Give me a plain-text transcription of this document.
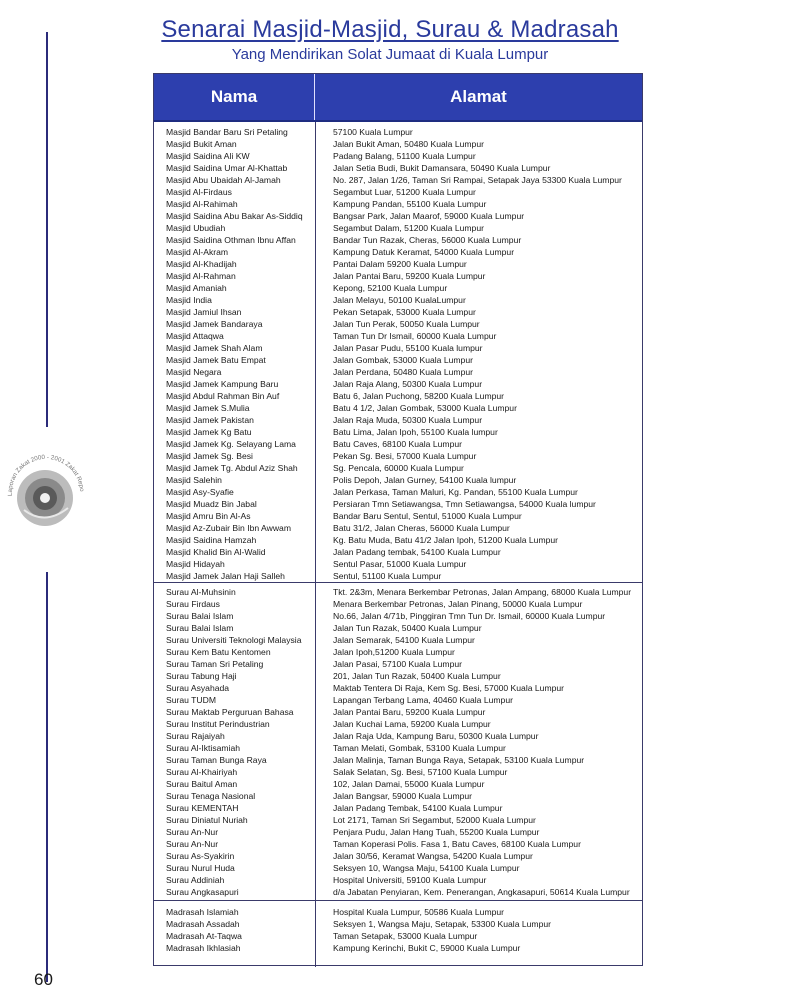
Senarai Masjid-Masjid, Surau & Madrasah
Yang Mendirikan Solat Jumaat di Kuala Lumpur
Nama	Alamat
Masjid Bandar Baru Sri Petaling
Masjid Bukit Aman
Masjid Saidina Ali KW
Masjid Saidina Umar Al-Khattab
Masjid Abu Ubaidah Al-Jamah
Masjid Al-Firdaus
Masjid Al-Rahimah
Masjid Saidina Abu Bakar As-Siddiq
Masjid Ubudiah
Masjid Saidina Othman Ibnu Affan
Masjid Al-Akram
Masjid Al-Khadijah
Masjid Al-Rahman
Masjid Amaniah
Masjid India
Masjid Jamiul Ihsan
Masjid Jamek Bandaraya
Masjid Attaqwa
Masjid Jamek Shah Alam
Masjid Jamek Batu Empat
Masjid Negara
Masjid Jamek Kampung Baru
Masjid Abdul Rahman Bin Auf
Masjid Jamek S.Mulia
Masjid Jamek Pakistan
Masjid Jamek Kg Batu
Masjid Jamek Kg. Selayang Lama
Masjid Jamek Sg. Besi
Masjid Jamek Tg. Abdul Aziz Shah
Masjid Salehin
Masjid Asy-Syafie
Masjid Muadz Bin Jabal
Masjid Amru Bin Al-As
Masjid Az-Zubair Bin Ibn Awwam
Masjid Saidina Hamzah
Masjid Khalid Bin Al-Walid
Masjid Hidayah
Masjid Jamek Jalan Haji Salleh
57100 Kuala Lumpur
Jalan Bukit Aman, 50480 Kuala Lumpur
Padang Balang, 51100 Kuala Lumpur
Jalan Setia Budi, Bukit Damansara, 50490 Kuala Lumpur
No. 287, Jalan 1/26, Taman Sri Rampai, Setapak Jaya 53300 Kuala Lumpur
Segambut Luar, 51200 Kuala Lumpur
Kampung Pandan, 55100 Kuala Lumpur
Bangsar Park, Jalan Maarof, 59000 Kuala Lumpur
Segambut Dalam, 51200 Kuala Lumpur
Bandar Tun Razak, Cheras, 56000 Kuala Lumpur
Kampung Datuk Keramat, 54000 Kuala Lumpur
Pantai Dalam 59200 Kuala Lumpur
Jalan Pantai Baru, 59200 Kuala Lumpur
Kepong, 52100 Kuala Lumpur
Jalan Melayu, 50100 KualaLumpur
Pekan Setapak, 53000 Kuala Lumpur
Jalan Tun Perak, 50050 Kuala Lumpur
Taman Tun Dr Ismail, 60000 Kuala Lumpur
Jalan Pasar Pudu, 55100 Kuala lumpur
Jalan Gombak, 53000 Kuala Lumpur
Jalan Perdana, 50480 Kuala Lumpur
Jalan Raja Alang, 50300 Kuala Lumpur
Batu 6, Jalan Puchong, 58200 Kuala Lumpur
Batu 4 1/2, Jalan Gombak, 53000 Kuala Lumpur
Jalan Raja Muda, 50300 Kuala Lumpur
Batu Lima, Jalan Ipoh, 55100 Kuala lumpur
Batu Caves, 68100 Kuala Lumpur
Pekan Sg. Besi, 57000 Kuala Lumpur
Sg. Pencala, 60000 Kuala Lumpur
Polis Depoh, Jalan Gurney, 54100 Kuala lumpur
Jalan Perkasa, Taman Maluri, Kg. Pandan, 55100 Kuala Lumpur
Persiaran Tmn Setiawangsa, Tmn Setiawangsa, 54000 Kuala lumpur
Bandar Baru Sentul, Sentul, 51000 Kuala Lumpur
Batu 31/2, Jalan Cheras, 56000 Kuala Lumpur
Kg. Batu Muda, Batu 41/2 Jalan Ipoh, 51200 Kuala Lumpur
Jalan Padang tembak, 54100 Kuala Lumpur
Sentul Pasar, 51000 Kuala Lumpur
Sentul, 51100 Kuala Lumpur
Surau Al-Muhsinin
Surau Firdaus
Surau Balai Islam
Surau Balai Islam
Surau Universiti Teknologi Malaysia
Surau Kem Batu Kentomen
Surau Taman Sri Petaling
Surau Tabung Haji
Surau Asyahada
Surau TUDM
Surau Maktab Perguruan Bahasa
Surau Institut Perindustrian
Surau Rajaiyah
Surau Al-Iktisamiah
Surau Taman Bunga Raya
Surau Al-Khairiyah
Surau Baitul Aman
Surau Tenaga Nasional
Surau KEMENTAH
Surau Diniatul Nuriah
Surau An-Nur
Surau An-Nur
Surau As-Syakirin
Surau Nurul Huda
Surau Addiniah
Surau Angkasapuri
Tkt. 2&3m, Menara Berkembar Petronas, Jalan Ampang, 68000 Kuala Lumpur
Menara Berkembar Petronas, Jalan Pinang, 50000 Kuala Lumpur
No.66, Jalan 4/71b, Pinggiran Tmn Tun Dr. Ismail, 60000 Kuala Lumpur
Jalan Tun Razak, 50400 Kuala Lumpur
Jalan Semarak, 54100 Kuala Lumpur
Jalan Ipoh,51200 Kuala Lumpur
Jalan Pasai, 57100 Kuala Lumpur
201, Jalan Tun Razak, 50400 Kuala Lumpur
Maktab Tentera Di Raja, Kem Sg. Besi, 57000 Kuala Lumpur
Lapangan Terbang Lama, 40460 Kuala Lumpur
Jalan Pantai Baru, 59200 Kuala Lumpur
Jalan Kuchai Lama, 59200 Kuala Lumpur
Jalan Raja Uda, Kampung Baru, 50300 Kuala Lumpur
Taman Melati, Gombak, 53100 Kuala Lumpur
Jalan Malinja, Taman Bunga Raya, Setapak, 53100 Kuala Lumpur
Salak Selatan, Sg. Besi, 57100 Kuala Lumpur
102, Jalan Damai, 55000 Kuala Lumpur
Jalan Bangsar, 59000 Kuala Lumpur
Jalan Padang Tembak, 54100 Kuala Lumpur
Lot 2171, Taman Sri Segambut, 52000 Kuala Lumpur
Penjara Pudu, Jalan Hang Tuah, 55200 Kuala Lumpur
Taman Koperasi Polis. Fasa 1, Batu Caves, 68100 Kuala Lumpur
Jalan 30/56, Keramat Wangsa, 54200 Kuala Lumpur
Seksyen 10, Wangsa Maju, 54100 Kuala Lumpur
Hospital Universiti, 59100 Kuala Lumpur
d/a Jabatan Penyiaran, Kem. Penerangan, Angkasapuri, 50614 Kuala Lumpur
Madrasah Islamiah
Madrasah Assadah
Madrasah At-Taqwa
Madrasah Ikhlasiah
Hospital Kuala Lumpur, 50586 Kuala Lumpur
Seksyen 1, Wangsa Maju, Setapak, 53300 Kuala Lumpur
Taman Setapak, 53000 Kuala Lumpur
Kampung Kerinchi, Bukit C, 59000 Kuala Lumpur
Laporan Zakat 2000 - 2001 Zakat Repo
60
